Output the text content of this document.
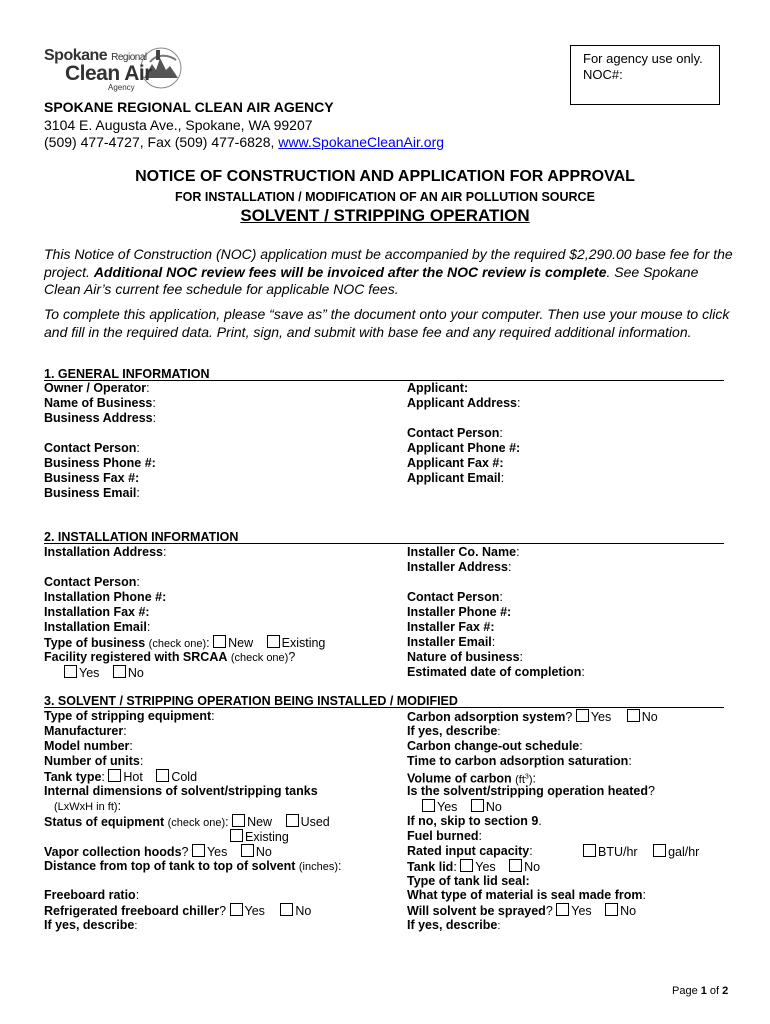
Spokane Regional
Clean Air
Agency
For agency use only.
NOC#:
SPOKANE REGIONAL CLEAN AIR AGENCY
3104 E. Augusta Ave., Spokane, WA 99207
(509) 477-4727, Fax (509) 477-6828, www.SpokaneCleanAir.org
NOTICE OF CONSTRUCTION AND APPLICATION FOR APPROVAL
FOR INSTALLATION / MODIFICATION OF AN AIR POLLUTION SOURCE
SOLVENT / STRIPPING OPERATION
This Notice of Construction (NOC) application must be accompanied by the required $2,290.00 base fee for the project. Additional NOC review fees will be invoiced after the NOC review is complete. See Spokane Clean Air’s current fee schedule for applicable NOC fees.
To complete this application, please “save as” the document onto your computer. Then use your mouse to click and fill in the required data. Print, sign, and submit with base fee and any required additional information.
1. GENERAL INFORMATION
Owner / Operator:
Name of Business:
Business Address:
Contact Person:
Business Phone #:
Business Fax #:
Business Email:
Applicant:
Applicant Address:
Contact Person:
Applicant Phone #:
Applicant Fax #:
Applicant Email:
2. INSTALLATION INFORMATION
Installation Address:
Contact Person:
Installation Phone #:
Installation Fax #:
Installation Email:
Type of business (check one): New Existing
Facility registered with SRCAA (check one)?
Yes No
Installer Co. Name:
Installer Address:
Contact Person:
Installer Phone #:
Installer Fax #:
Installer Email:
Nature of business:
Estimated date of completion:
3. SOLVENT / STRIPPING OPERATION BEING INSTALLED / MODIFIED
Type of stripping equipment:
Manufacturer:
Model number:
Number of units:
Tank type: Hot Cold
Internal dimensions of solvent/stripping tanks
(LxWxH in ft):
Status of equipment (check one): New Used
Existing
Vapor collection hoods? Yes No
Distance from top of tank to top of solvent (inches):
Freeboard ratio:
Refrigerated freeboard chiller? Yes No
If yes, describe:
Carbon adsorption system? Yes No
If yes, describe:
Carbon change-out schedule:
Time to carbon adsorption saturation:
Volume of carbon $(ft^3)$:
Is the solvent/stripping operation heated?
Yes No
If no, skip to section 9.
Fuel burned:
Rated input capacity:	BTU/hr gal/hr
Tank lid: Yes No
Type of tank lid seal:
What type of material is seal made from:
Will solvent be sprayed? Yes No
If yes, describe:
Page 1 of 2
